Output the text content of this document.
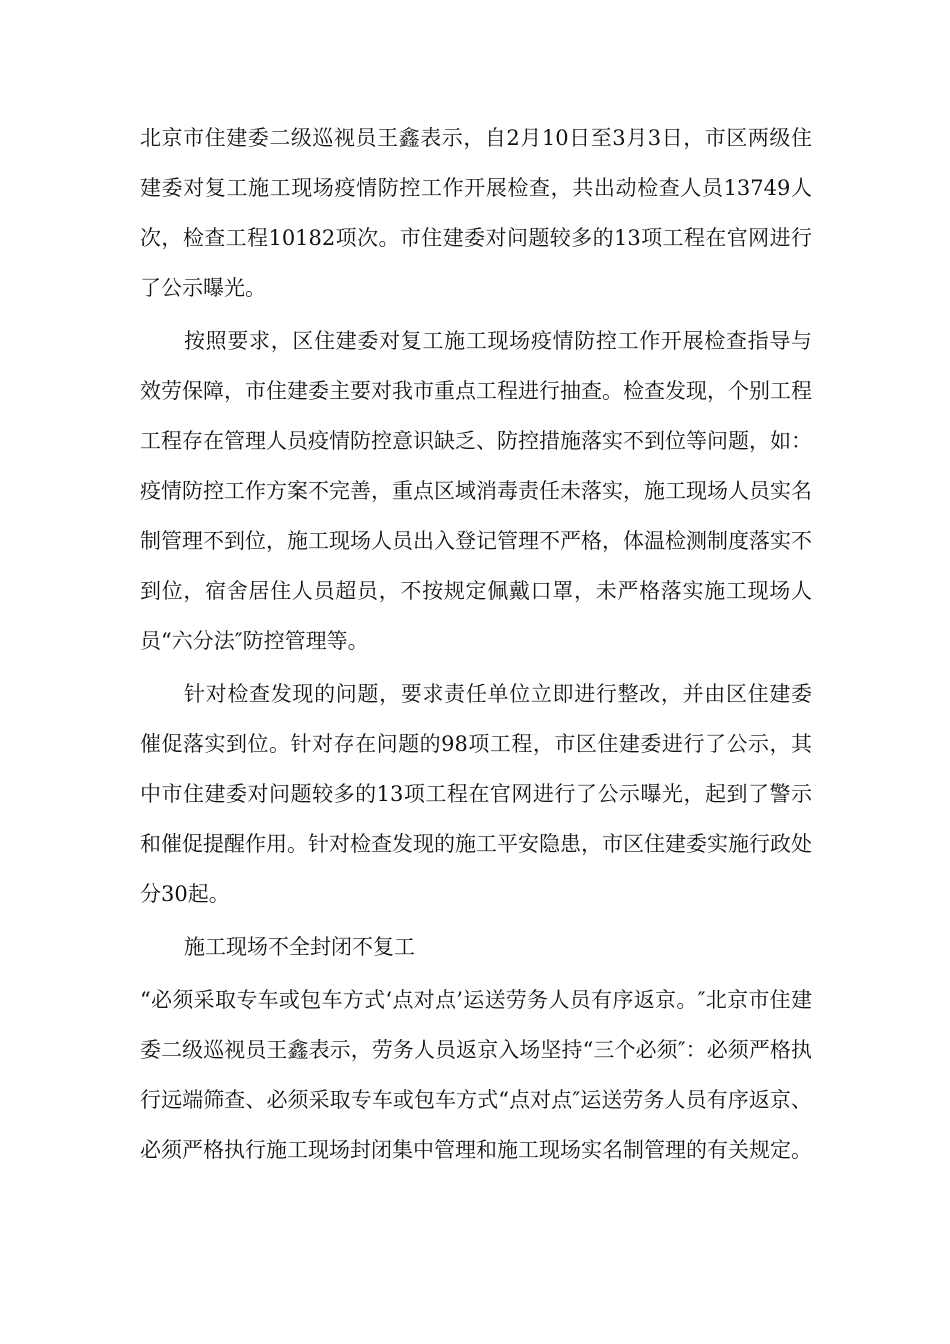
北京市住建委二级巡视员王鑫表示，自2月10日至3月3日，市区两级住建委对复工施工现场疫情防控工作开展检查，共出动检查人员13749人次，检查工程10182项次。市住建委对问题较多的13项工程在官网进行了公示曝光。

按照要求，区住建委对复工施工现场疫情防控工作开展检查指导与效劳保障，市住建委主要对我市重点工程进行抽查。检查发现，个别工程工程存在管理人员疫情防控意识缺乏、防控措施落实不到位等问题，如：疫情防控工作方案不完善，重点区域消毒责任未落实，施工现场人员实名制管理不到位，施工现场人员出入登记管理不严格，体温检测制度落实不到位，宿舍居住人员超员，不按规定佩戴口罩，未严格落实施工现场人员“六分法″防控管理等。

针对检查发现的问题，要求责任单位立即进行整改，并由区住建委催促落实到位。针对存在问题的98项工程，市区住建委进行了公示，其中市住建委对问题较多的13项工程在官网进行了公示曝光，起到了警示和催促提醒作用。针对检查发现的施工平安隐患，市区住建委实施行政处分30起。

施工现场不全封闭不复工

“必须采取专车或包车方式‘点对点’运送劳务人员有序返京。″北京市住建委二级巡视员王鑫表示，劳务人员返京入场坚持“三个必须″：必须严格执行远端筛查、必须采取专车或包车方式“点对点″运送劳务人员有序返京、必须严格执行施工现场封闭集中管理和施工现场实名制管理的有关规定。
